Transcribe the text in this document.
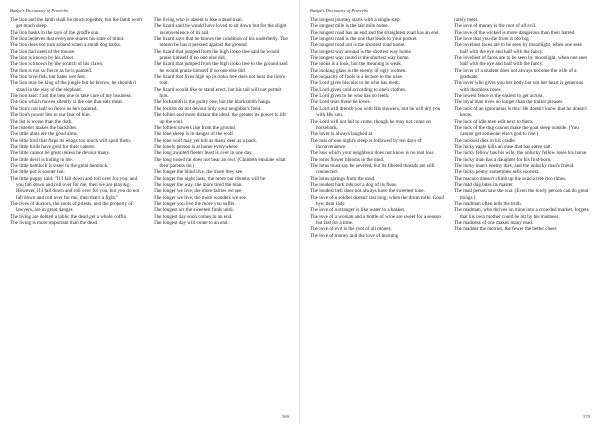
Budge's Dictionary of Proverbs

The lion and the lamb shall lie down together, but the lamb won't get much sleep.

The lion basks in the rays of the giraffe sun.

The lion believes that everyone shares his state of mind.

The lion does not turn around when a small dog barks.

The lion had need of the mouse.

The lion is known by his claws.

The lion is known by the scratch of his claws.

The lion is not so fierce as he is painted.

The lion love-fish, but hates wet feet.

The lion may be king of the jungle but he knows, he shouldn't stand in the way of the elephant.

The lion said: I am the best one to take care of my business.

The lion which moves silently is the one that eats meat.

The lion's not half so fierce as he's painted.

The lion's power lies in our fear of him.

The list is worse than the doth.

The listener makes the backbiter.

The little alms are the good alms.

The little bird that flaps its wings too much will spoil them.

The little birds have gold for their caterer.

The little cannot be great unless he devour many.

The little devil is hiding in me.

The little hemlock is sister to the great hemlock.

The little pot is sooner hot.

The little puppy said: "If I fall down and roll over for you, and you fall down and roll over for me, then we are playing. However, if I fall down and roll over for you, but you do not fall down and roll over for me, then that's a fight."

The lives of doctors, the souls of priests, and the property of lawyers, are in great danger.

The living are dented a table; the dead get a whole coffin.

The living is more important than the dead.

The living who is absent is like a dead man.

The lizard said he would have loved to sit down but for the slight inconvenience of its tail.

The lizard says that he knows the condition of his underbelly. The reason he has it pressed against the ground.

The lizard that jumped from the high iroko tree said he would praise himself if no one else did.

The lizard that jumped from the high iroko tree to the ground said he would praise himself if no one else did.

The lizard that lives high up in iroko tree does not hear the lion's roar.

The lizard would like to stand erect, but his tail will not permit him.

The locksmith is the guilty one, but the blacksmith hangs.

The locusts do not devour only your neighbor's field.

The loftier and more distant the ideal, the greater its power to lift up the soul.

The loftiest towers rise from the ground.

The lone sheep is in danger of the wolf.

The lone wolf may yet kill as many deer as a pack.

The lonely person is at home everywhere.

The long awaited fleeter feast is over in one day.

The long nosed rat does not bear an owl. (Children emulate what their parents do.)

The longer the blind live, the more they see.

The longer the night lasts, the more our dreams will be.

The longer the way, the more tired the man.

The longer we live, the more fairies we see.

The longer we live, the more wonders we see.

The longer you live the more you suffer.

The longest act the sweetest finds until.

The longest day soon comes to an end.

The longest day will come to an end.

569
Budge's Dictionary of Proverbs

The longest journey starts with a single step.

The longest mile is the last mile home.

The longest road has an end and the straightest road has an end.

The longest road is the one that leads to your pocket.

The longest road out is the shortest road home.

The longest way around is the shortest way home.

The longest way round is the shortest way home.

The looks is a look, but the meaning is weak.

The looking glass is the enemy of ugly women.

The loquacity of fools is a lecture to the wise.

The Lord gives biscuits to he who has teeth.

The Lord gives cold according to one's clothes.

The Lord gives to he who has no teeth.

The Lord tests those he loves.

The Lord will drench you with His showers, but he will dry you with His sun.

The Lord will not fail to come, though he may not come on horseback.

The lover is always laughed at.

The loss of one night's sleep is followed by ten days of inconvenience.

The loss which your neighbour does not know is no real loss.

The lotus flower blooms in the mud.

The lotus must say be severed, but its fibered threads are still connected.

The lotus springs from the mud.

The loudest bark rids not a dog of its fleas.

The loudest bell does not always have the sweetest tone.

The love of a soldier doesn't last long; when the drum rolls: Good bye, dear lady.

The love of a stranger is like water in a basket.

The love of a woman and a bottle of wine are sweet for a season but last for a time.

The love of evil is the root of all money.

The love of money and the love of learning

rarely meet.

The love of money is the root of all evil.

The love of the wicked is more dangerous than their hatred.

The love that you die from is too big.

The loveliest faces are to be seen by moonlight, when one sees half with the eye and half with the fancy.

The loveliest of faces are to be seen by moonlight, when one sees half with the eye and half with the fancy.

The lover of a student does not always become the wife of a graduate.

The lover who gives you her body but not her heart is generous with thornless roses.

The lowest fence is the easiest to get across.

The loyal man lives no longer than the traitor pleases.

The luck of an ignoramus is this: He doesn't know that he doesn't know.

The luck of idle men edit next to them.

The luck of the dog cannot make the goat sleep outside. (You cannot get someone else's god to rise.)

The luckiest dies in his cradle.

The lucky eagle kills an ouse that has eaten salt.

The lucky fellow has his wife, the unlucky fellow loses his horse.

The lucky man has a daughter for his first-born.

The lucky man's enemy dies, and the unlucky man's friend.

The lucky penny sometimes sells soonest.

The macaco doesn't climb up the acacia tree two times.

The mad dog bites its master.

The mad person saw the war. (Even the lowly person can do great things.)

The madman often tells the truth.

The madman, who thrives on mine into a crowded market, forgets that his own mother could be hit by his madness.

The madness of one makes many mad.

The madder the merrier, the fewer the better cheer.

570
